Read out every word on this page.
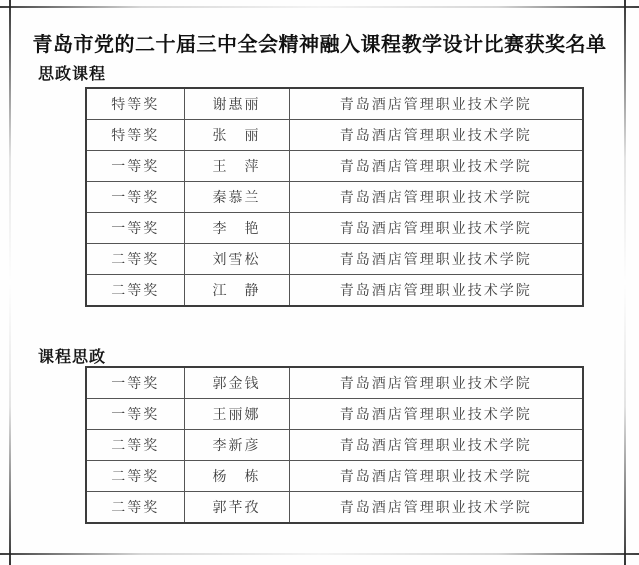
青岛市党的二十届三中全会精神融入课程教学设计比赛获奖名单
思政课程
特等奖	谢惠丽	青岛酒店管理职业技术学院
特等奖	张　丽	青岛酒店管理职业技术学院
一等奖	王　萍	青岛酒店管理职业技术学院
一等奖	秦慕兰	青岛酒店管理职业技术学院
一等奖	李　艳	青岛酒店管理职业技术学院
二等奖	刘雪松	青岛酒店管理职业技术学院
二等奖	江　静	青岛酒店管理职业技术学院
课程思政
一等奖	郭金钱	青岛酒店管理职业技术学院
一等奖	王丽娜	青岛酒店管理职业技术学院
二等奖	李新彦	青岛酒店管理职业技术学院
二等奖	杨　栋	青岛酒店管理职业技术学院
二等奖	郭芊孜	青岛酒店管理职业技术学院
